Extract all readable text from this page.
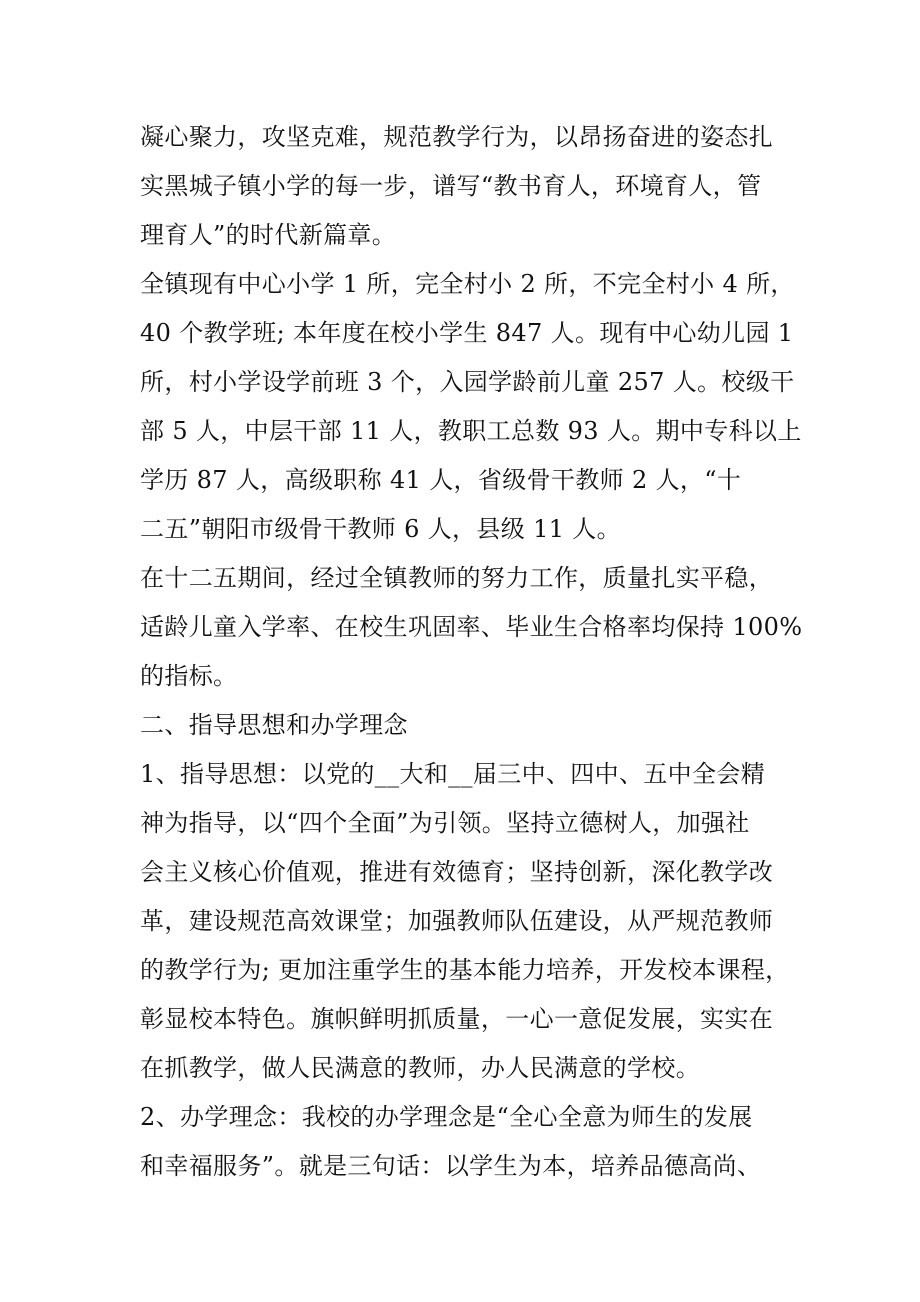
凝心聚力，攻坚克难，规范教学行为，以昂扬奋进的姿态扎
实黑城子镇小学的每一步，谱写“教书育人，环境育人，管
理育人”的时代新篇章。
全镇现有中心小学 1 所，完全村小 2 所，不完全村小 4 所，
40 个教学班; 本年度在校小学生 847 人。现有中心幼儿园 1
所，村小学设学前班 3 个，入园学龄前儿童 257 人。校级干
部 5 人，中层干部 11 人，教职工总数 93 人。期中专科以上
学历 87 人，高级职称 41 人，省级骨干教师 2 人，“十
二五”朝阳市级骨干教师 6 人，县级 11 人。
在十二五期间，经过全镇教师的努力工作，质量扎实平稳，
适龄儿童入学率、在校生巩固率、毕业生合格率均保持 100%
的指标。
二、指导思想和办学理念
1、指导思想：以党的__大和__届三中、四中、五中全会精
神为指导，以“四个全面”为引领。坚持立德树人，加强社
会主义核心价值观，推进有效德育；坚持创新，深化教学改
革，建设规范高效课堂；加强教师队伍建设，从严规范教师
的教学行为; 更加注重学生的基本能力培养，开发校本课程，
彰显校本特色。旗帜鲜明抓质量，一心一意促发展，实实在
在抓教学，做人民满意的教师，办人民满意的学校。
2、办学理念：我校的办学理念是“全心全意为师生的发展
和幸福服务”。就是三句话：以学生为本，培养品德高尚、
